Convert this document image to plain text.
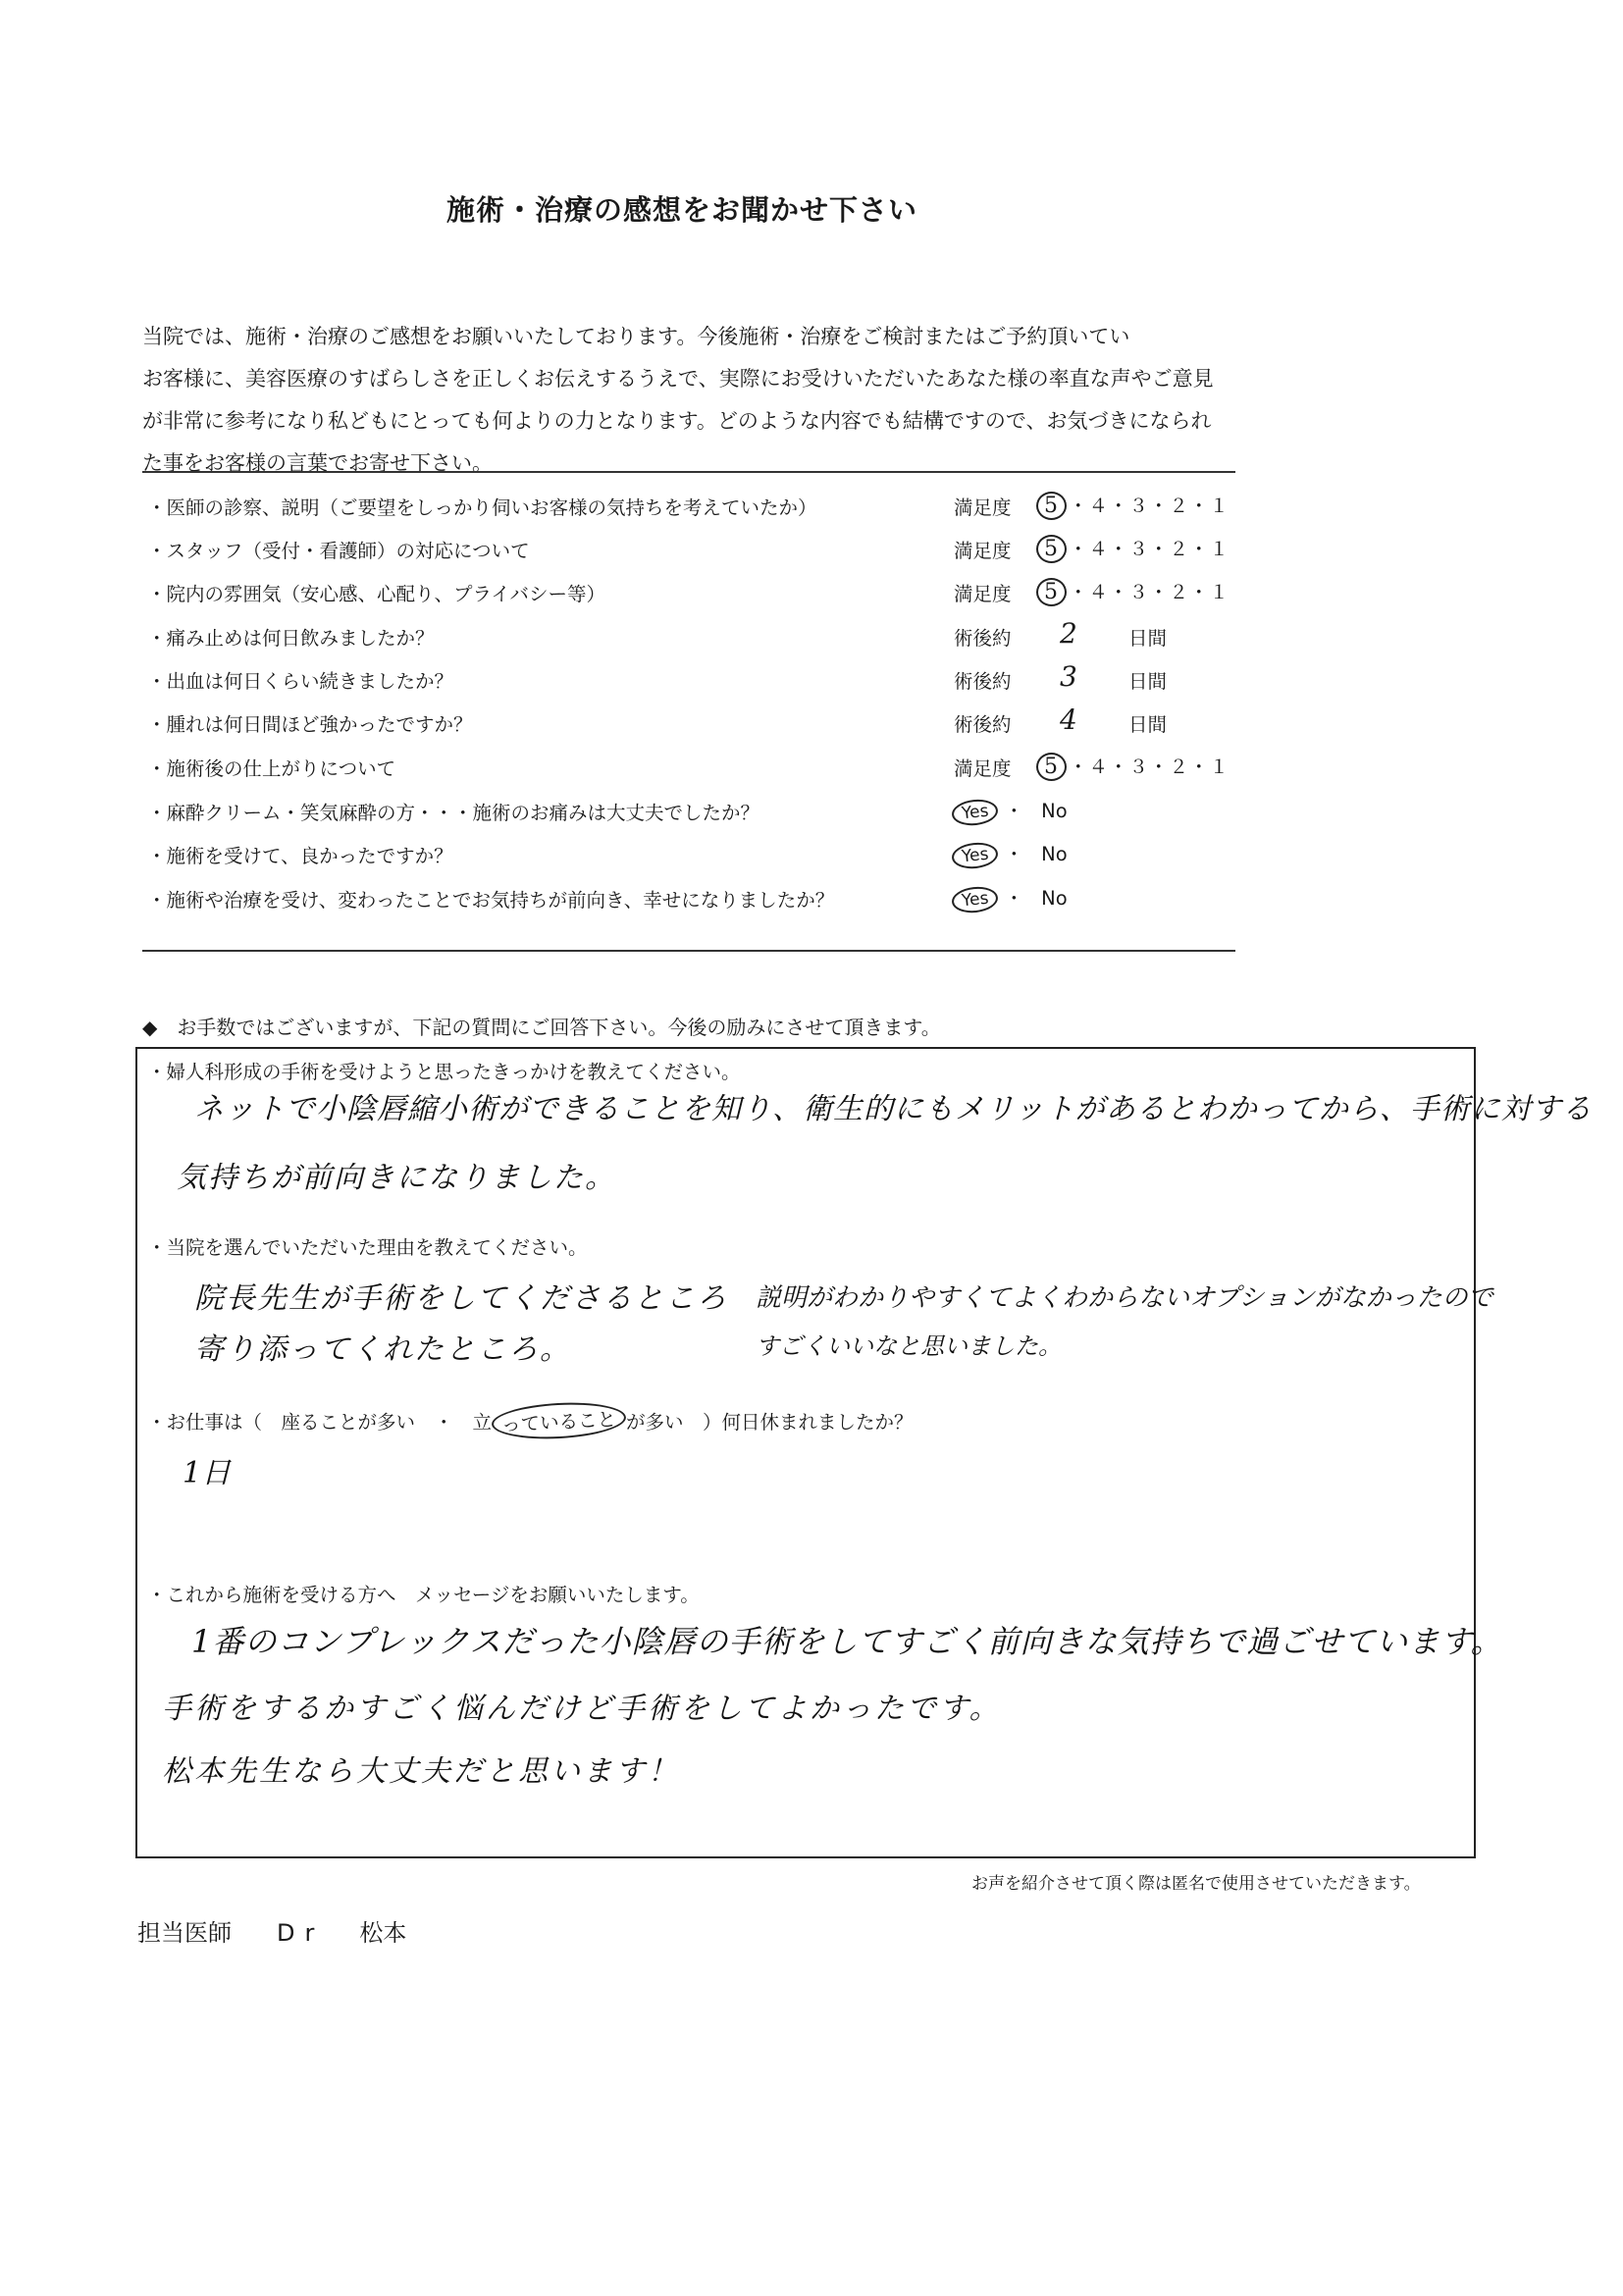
施術・治療の感想をお聞かせ下さい
当院では、施術・治療のご感想をお願いいたしております。今後施術・治療をご検討またはご予約頂いてい
お客様に、美容医療のすばらしさを正しくお伝えするうえで、実際にお受けいただいたあなた様の率直な声やご意見
が非常に参考になり私どもにとっても何よりの力となります。どのような内容でも結構ですので、お気づきになられ
た事をお客様の言葉でお寄せ下さい。
・医師の診察、説明（ご要望をしっかり伺いお客様の気持ちを考えていたか）	満足度	5 ・４・３・２・１
・スタッフ（受付・看護師）の対応について	満足度	5 ・４・３・２・１
・院内の雰囲気（安心感、心配り、プライバシー等）	満足度	5 ・４・３・２・１
・痛み止めは何日飲みましたか？	術後約 2	日間
・出血は何日くらい続きましたか？	術後約 3	日間
・腫れは何日間ほど強かったですか？	術後約 4	日間
・施術後の仕上がりについて	満足度	5 ・４・３・２・１
・麻酔クリーム・笑気麻酔の方・・・施術のお痛みは大丈夫でしたか？	Yes ・ No
・施術を受けて、良かったですか？	Yes ・ No
・施術や治療を受け、変わったことでお気持ちが前向き、幸せになりましたか？	Yes ・ No
◆　お手数ではございますが、下記の質問にご回答下さい。今後の励みにさせて頂きます。
・婦人科形成の手術を受けようと思ったきっかけを教えてください。
ネットで小陰唇縮小術ができることを知り、衛生的にもメリットがあるとわかってから、手術に対する
気持ちが前向きになりました。
・当院を選んでいただいた理由を教えてください。
院長先生が手術をしてくださるところ
寄り添ってくれたところ。
説明がわかりやすくてよくわからないオプションがなかったので
すごくいいなと思いました。
・お仕事は（　座ることが多い　・　立 っていること が多い　）何日休まれましたか？
1日
・これから施術を受ける方へ　メッセージをお願いいたします。
1番のコンプレックスだった小陰唇の手術をしてすごく前向きな気持ちで過ごせています。
手術をするかすごく悩んだけど手術をしてよかったです。
松本先生なら大丈夫だと思います！
お声を紹介させて頂く際は匿名で使用させていただきます。
担当医師 Dr 松本
